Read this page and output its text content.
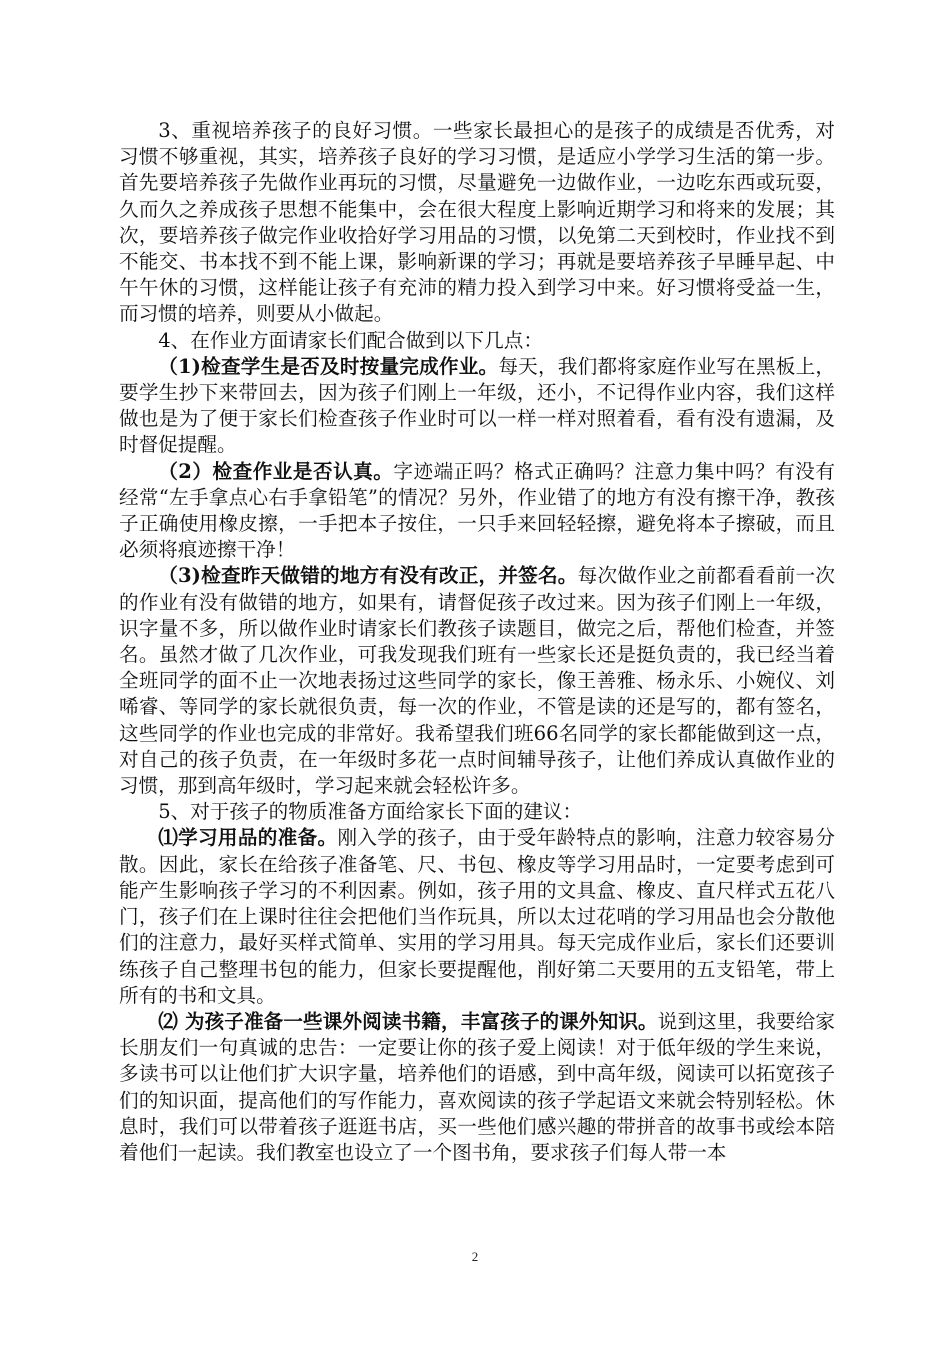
3、重视培养孩子的良好习惯。一些家长最担心的是孩子的成绩是否优秀，对习惯不够重视，其实，培养孩子良好的学习习惯，是适应小学学习生活的第一步。首先要培养孩子先做作业再玩的习惯，尽量避免一边做作业，一边吃东西或玩耍，久而久之养成孩子思想不能集中，会在很大程度上影响近期学习和将来的发展；其次，要培养孩子做完作业收拾好学习用品的习惯，以免第二天到校时，作业找不到不能交、书本找不到不能上课，影响新课的学习；再就是要培养孩子早睡早起、中午午休的习惯，这样能让孩子有充沛的精力投入到学习中来。好习惯将受益一生，而习惯的培养，则要从小做起。

4、在作业方面请家长们配合做到以下几点：

（1)检查学生是否及时按量完成作业。每天，我们都将家庭作业写在黑板上，要学生抄下来带回去，因为孩子们刚上一年级，还小，不记得作业内容，我们这样做也是为了便于家长们检查孩子作业时可以一样一样对照着看，看有没有遗漏，及时督促提醒。

（2）检查作业是否认真。字迹端正吗？格式正确吗？注意力集中吗？有没有经常“左手拿点心右手拿铅笔”的情况？另外，作业错了的地方有没有擦干净，教孩子正确使用橡皮擦，一手把本子按住，一只手来回轻轻擦，避免将本子擦破，而且必须将痕迹擦干净！

（3)检查昨天做错的地方有没有改正，并签名。每次做作业之前都看看前一次的作业有没有做错的地方，如果有，请督促孩子改过来。因为孩子们刚上一年级，识字量不多，所以做作业时请家长们教孩子读题目，做完之后，帮他们检查，并签名。虽然才做了几次作业，可我发现我们班有一些家长还是挺负责的，我已经当着全班同学的面不止一次地表扬过这些同学的家长，像王善雅、杨永乐、小婉仪、刘唏睿、等同学的家长就很负责，每一次的作业，不管是读的还是写的，都有签名，这些同学的作业也完成的非常好。我希望我们班66名同学的家长都能做到这一点，对自己的孩子负责，在一年级时多花一点时间辅导孩子，让他们养成认真做作业的习惯，那到高年级时，学习起来就会轻松许多。

5、对于孩子的物质准备方面给家长下面的建议：

⑴学习用品的准备。刚入学的孩子，由于受年龄特点的影响，注意力较容易分散。因此，家长在给孩子准备笔、尺、书包、橡皮等学习用品时，一定要考虑到可能产生影响孩子学习的不利因素。例如，孩子用的文具盒、橡皮、直尺样式五花八门，孩子们在上课时往往会把他们当作玩具，所以太过花哨的学习用品也会分散他们的注意力，最好买样式简单、实用的学习用具。每天完成作业后，家长们还要训练孩子自己整理书包的能力，但家长要提醒他，削好第二天要用的五支铅笔，带上所有的书和文具。

⑵ 为孩子准备一些课外阅读书籍，丰富孩子的课外知识。说到这里，我要给家长朋友们一句真诚的忠告：一定要让你的孩子爱上阅读！对于低年级的学生来说，多读书可以让他们扩大识字量，培养他们的语感，到中高年级，阅读可以拓宽孩子们的知识面，提高他们的写作能力，喜欢阅读的孩子学起语文来就会特别轻松。休息时，我们可以带着孩子逛逛书店，买一些他们感兴趣的带拼音的故事书或绘本陪着他们一起读。我们教室也设立了一个图书角，要求孩子们每人带一本

2
